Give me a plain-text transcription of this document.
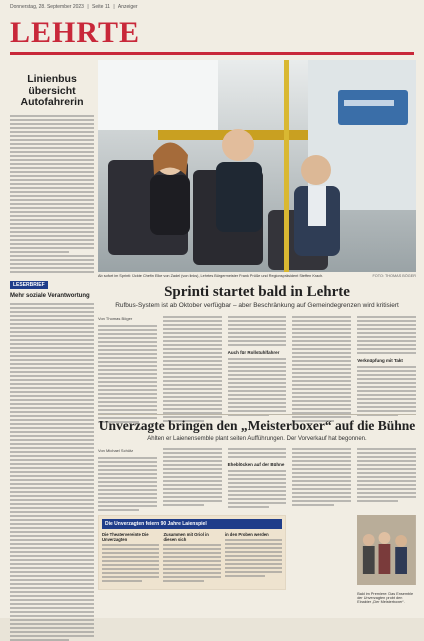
Donnerstag, 28. September 2023 | Seite 11 | Anzeiger
LEHRTE
Linienbus übersicht Autofahrerin
LESERBRIEF
Mehr soziale Verantwortung
Ab sofort im Sprinti: Ückte Chefin Elke von Zadel (von links), Lehrtes Bürgermeister Frank Prüße und Regionspräsident Steffen Krach.	FOTO: THOMAS BÖGER
Sprinti startet bald in Lehrte
Rufbus-System ist ab Oktober verfügbar – aber Beschränkung auf Gemeindegrenzen wird kritisiert
Von Thomas Böger
Auch für Rollstuhlfahrer
Verknüpfung mit Takt
Unverzagte bringen den „Meisterboxer“ auf die Bühne
Ahlten er Laienensemble plant seiten Aufführungen. Der Vorverkauf hat begonnen.
Von Michael Schütz
Eheblöcken auf der Bühne
Die Unverzagten feiern 90 Jahre Laienspiel
Die Theatervereinte Die Unverzagten
Zusammen mit Oriol in diesen sich
in den Proben werden
Bald im Premiere: Das Ensemble der Unverzagten probt den Einakter „Der Meisterboxer“.
